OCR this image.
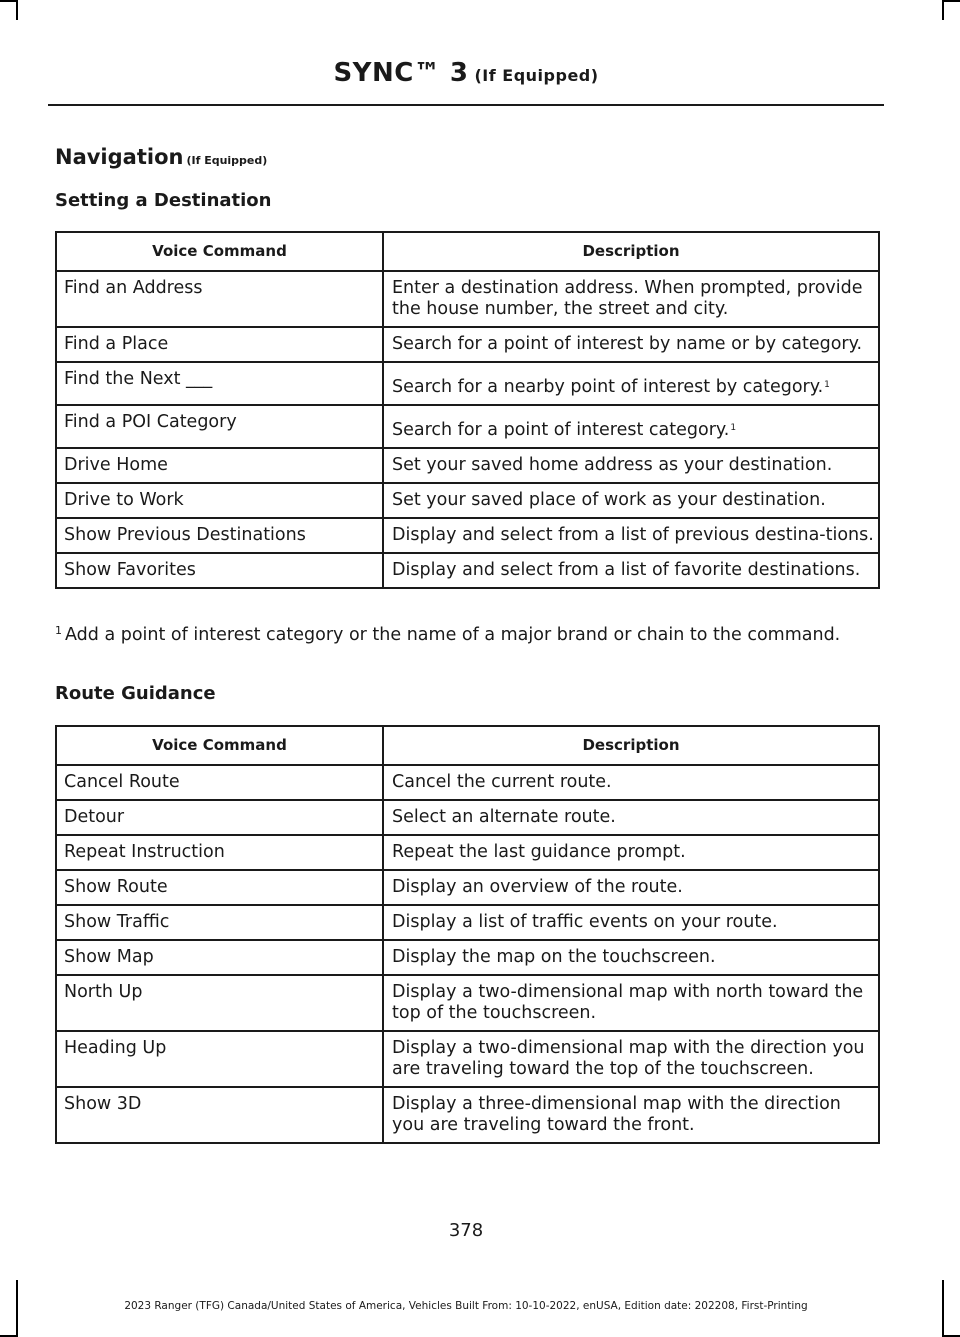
SYNC™ 3 (If Equipped)
Navigation (If Equipped)
Setting a Destination
Voice Command	Description
Find an Address	Enter a destination address. When prompted, provide the house number, the street and city.
Find a Place	Search for a point of interest by name or by category.
Find the Next ___	Search for a nearby point of interest by category.$^1$
Find a POI Category	Search for a point of interest category.$^1$
Drive Home	Set your saved home address as your destination.
Drive to Work	Set your saved place of work as your destination.
Show Previous Destinations	Display and select from a list of previous destina-tions.
Show Favorites	Display and select from a list of favorite destinations.
$^1$ Add a point of interest category or the name of a major brand or chain to the command.
Route Guidance
Voice Command	Description
Cancel Route	Cancel the current route.
Detour	Select an alternate route.
Repeat Instruction	Repeat the last guidance prompt.
Show Route	Display an overview of the route.
Show Traffic	Display a list of traffic events on your route.
Show Map	Display the map on the touchscreen.
North Up	Display a two-dimensional map with north toward the top of the touchscreen.
Heading Up	Display a two-dimensional map with the direction you are traveling toward the top of the touchscreen.
Show 3D	Display a three-dimensional map with the direction you are traveling toward the front.
378
2023 Ranger (TFG) Canada/United States of America, Vehicles Built From: 10-10-2022, enUSA, Edition date: 202208, First-Printing
